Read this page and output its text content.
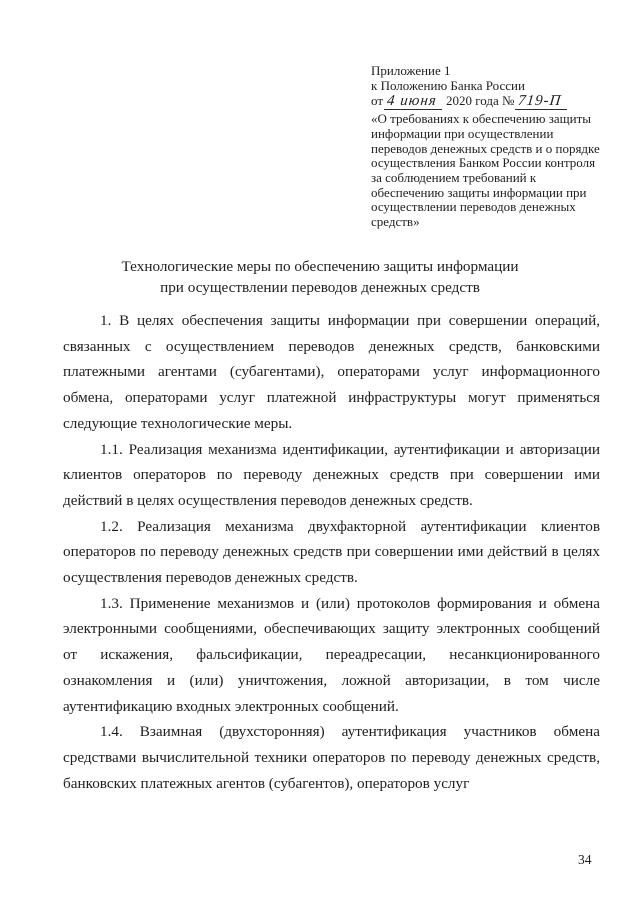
Приложение 1
к Положению Банка России
от 4 июня 2020 года № 719-П
«О требованиях к обеспечению защиты
информации при осуществлении
переводов денежных средств и о порядке
осуществления Банком России контроля
за соблюдением требований к
обеспечению защиты информации при
осуществлении переводов денежных
средств»
Технологические меры по обеспечению защиты информации при осуществлении переводов денежных средств

1. В целях обеспечения защиты информации при совершении операций, связанных с осуществлением переводов денежных средств, банковскими платежными агентами (субагентами), операторами услуг информационного обмена, операторами услуг платежной инфраструктуры могут применяться следующие технологические меры.

1.1. Реализация механизма идентификации, аутентификации и авторизации клиентов операторов по переводу денежных средств при совершении ими действий в целях осуществления переводов денежных средств.

1.2. Реализация механизма двухфакторной аутентификации клиентов операторов по переводу денежных средств при совершении ими действий в целях осуществления переводов денежных средств.

1.3. Применение механизмов и (или) протоколов формирования и обмена электронными сообщениями, обеспечивающих защиту электронных сообщений от искажения, фальсификации, переадресации, несанкционированного ознакомления и (или) уничтожения, ложной авторизации, в том числе аутентификацию входных электронных сообщений.

1.4. Взаимная (двухсторонняя) аутентификация участников обмена средствами вычислительной техники операторов по переводу денежных средств, банковских платежных агентов (субагентов), операторов услуг

34
